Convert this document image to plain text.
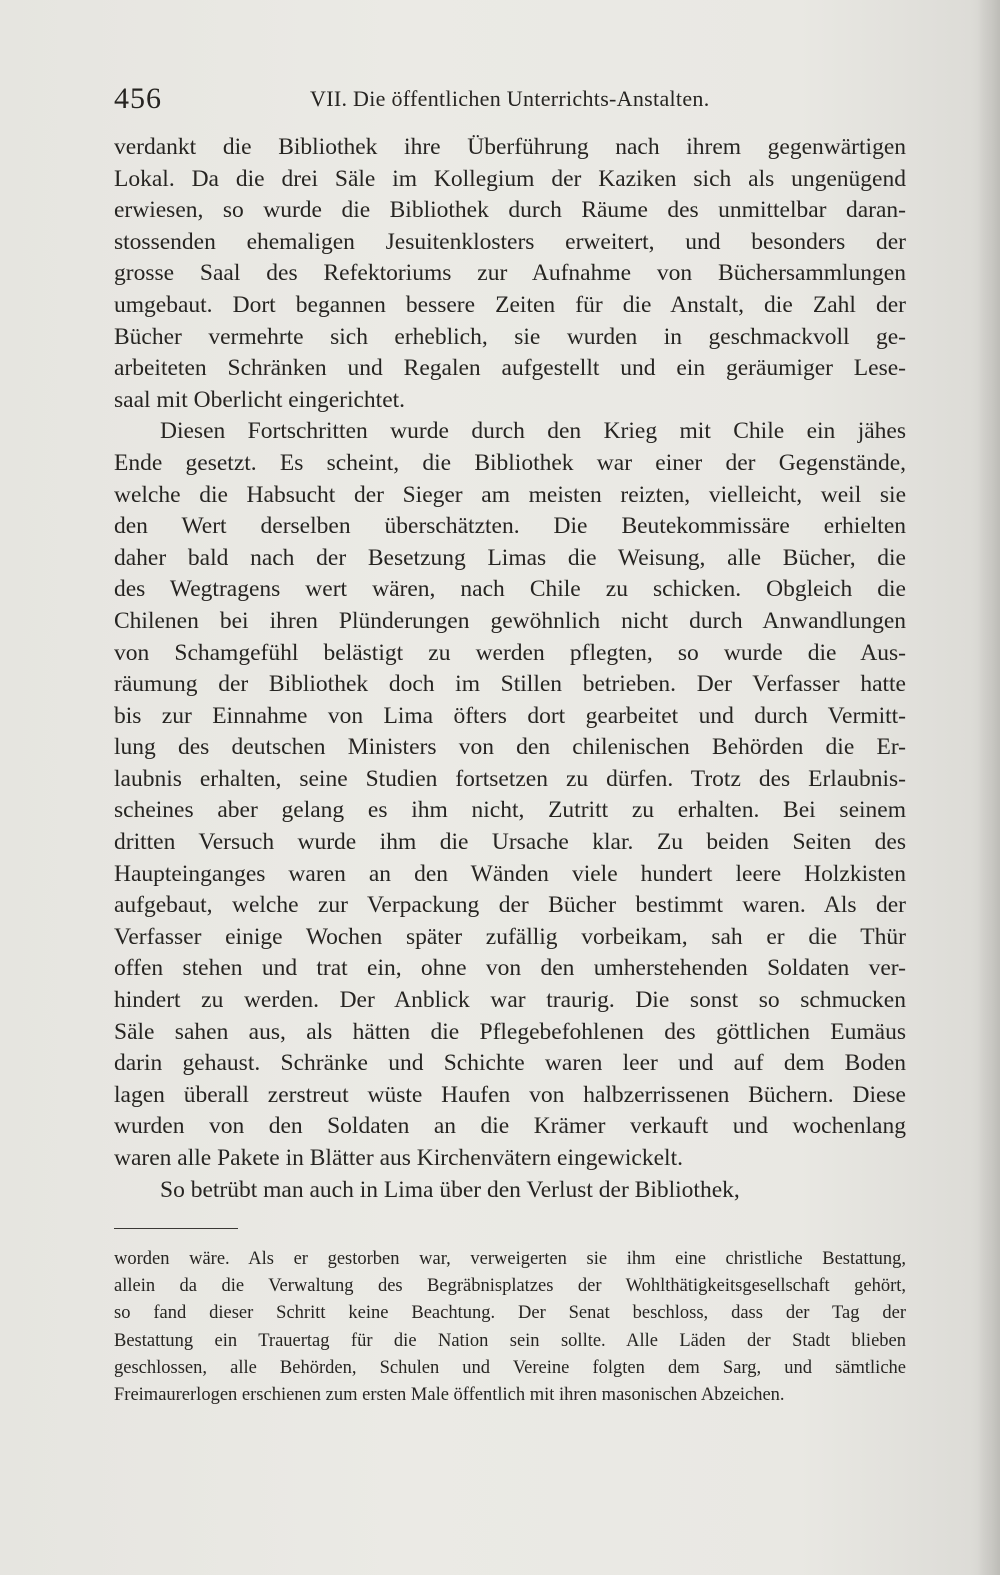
456	VII. Die öffentlichen Unterrichts-Anstalten.
verdankt die Bibliothek ihre Überführung nach ihrem gegenwärtigen
Lokal. Da die drei Säle im Kollegium der Kaziken sich als ungenügend
erwiesen, so wurde die Bibliothek durch Räume des unmittelbar daran-
stossenden ehemaligen Jesuitenklosters erweitert, und besonders der
grosse Saal des Refektoriums zur Aufnahme von Büchersammlungen
umgebaut. Dort begannen bessere Zeiten für die Anstalt, die Zahl der
Bücher vermehrte sich erheblich, sie wurden in geschmackvoll ge-
arbeiteten Schränken und Regalen aufgestellt und ein geräumiger Lese-
saal mit Oberlicht eingerichtet.
Diesen Fortschritten wurde durch den Krieg mit Chile ein jähes
Ende gesetzt. Es scheint, die Bibliothek war einer der Gegenstände,
welche die Habsucht der Sieger am meisten reizten, vielleicht, weil sie
den Wert derselben überschätzten. Die Beutekommissäre erhielten
daher bald nach der Besetzung Limas die Weisung, alle Bücher, die
des Wegtragens wert wären, nach Chile zu schicken. Obgleich die
Chilenen bei ihren Plünderungen gewöhnlich nicht durch Anwandlungen
von Schamgefühl belästigt zu werden pflegten, so wurde die Aus-
räumung der Bibliothek doch im Stillen betrieben. Der Verfasser hatte
bis zur Einnahme von Lima öfters dort gearbeitet und durch Vermitt-
lung des deutschen Ministers von den chilenischen Behörden die Er-
laubnis erhalten, seine Studien fortsetzen zu dürfen. Trotz des Erlaubnis-
scheines aber gelang es ihm nicht, Zutritt zu erhalten. Bei seinem
dritten Versuch wurde ihm die Ursache klar. Zu beiden Seiten des
Haupteinganges waren an den Wänden viele hundert leere Holzkisten
aufgebaut, welche zur Verpackung der Bücher bestimmt waren. Als der
Verfasser einige Wochen später zufällig vorbeikam, sah er die Thür
offen stehen und trat ein, ohne von den umherstehenden Soldaten ver-
hindert zu werden. Der Anblick war traurig. Die sonst so schmucken
Säle sahen aus, als hätten die Pflegebefohlenen des göttlichen Eumäus
darin gehaust. Schränke und Schichte waren leer und auf dem Boden
lagen überall zerstreut wüste Haufen von halbzerrissenen Büchern. Diese
wurden von den Soldaten an die Krämer verkauft und wochenlang
waren alle Pakete in Blätter aus Kirchenvätern eingewickelt.
So betrübt man auch in Lima über den Verlust der Bibliothek,
worden wäre. Als er gestorben war, verweigerten sie ihm eine christliche Bestattung,
allein da die Verwaltung des Begräbnisplatzes der Wohlthätigkeitsgesellschaft gehört,
so fand dieser Schritt keine Beachtung. Der Senat beschloss, dass der Tag der
Bestattung ein Trauertag für die Nation sein sollte. Alle Läden der Stadt blieben
geschlossen, alle Behörden, Schulen und Vereine folgten dem Sarg, und sämtliche
Freimaurerlogen erschienen zum ersten Male öffentlich mit ihren masonischen Abzeichen.
